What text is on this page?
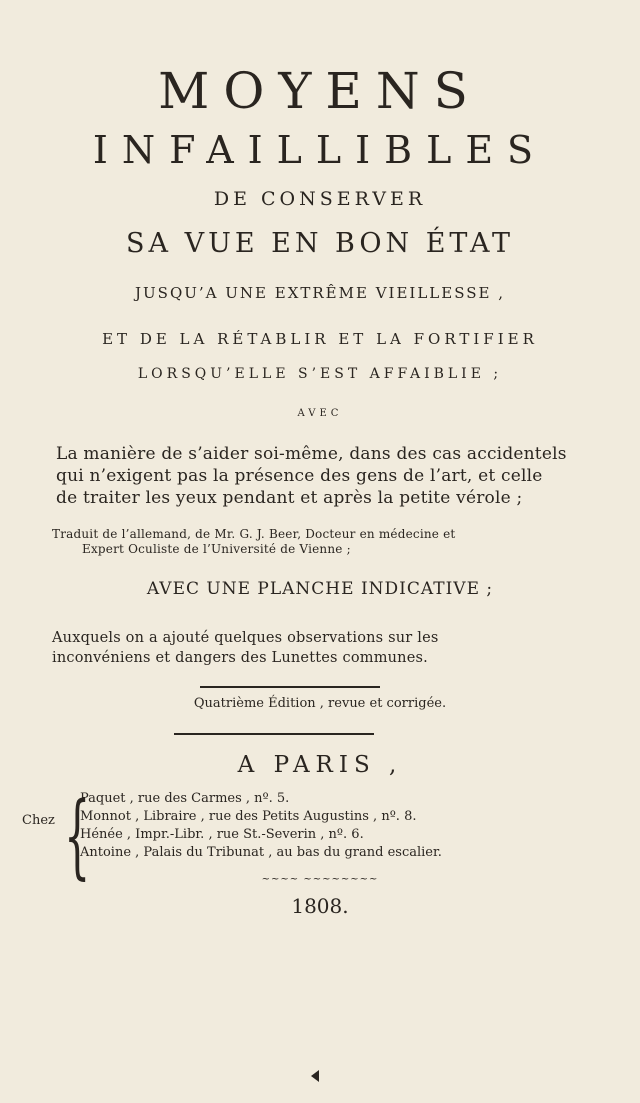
MOYENS
INFAILLIBLES
DE CONSERVER
SA VUE EN BON ÉTAT
JUSQU’A UNE EXTRÊME VIEILLESSE ,
ET DE LA RÉTABLIR ET LA FORTIFIER
LORSQU’ELLE S’EST AFFAIBLIE ;
AVEC
La manière de s’aider soi-même, dans des cas accidentels
qui n’exigent pas la présence des gens de l’art, et celle
de traiter les yeux pendant et après la petite vérole ;
Traduit de l’allemand, de Mr. G. J. Beer, Docteur en médecine et
Expert Oculiste de l’Université de Vienne ;
AVEC UNE PLANCHE INDICATIVE ;
Auxquels on a ajouté quelques observations sur les
inconvéniens et dangers des Lunettes communes.
Quatrième Édition , revue et corrigée.
A PARIS ,
Chez {
Paquet , rue des Carmes , nº. 5.
Monnot , Libraire , rue des Petits Augustins , nº. 8.
Hénée , Impr.-Libr. , rue St.-Severin , nº. 6.
Antoine , Palais du Tribunat , au bas du grand escalier.
~~~~ ~~~~~~~~
1808.
